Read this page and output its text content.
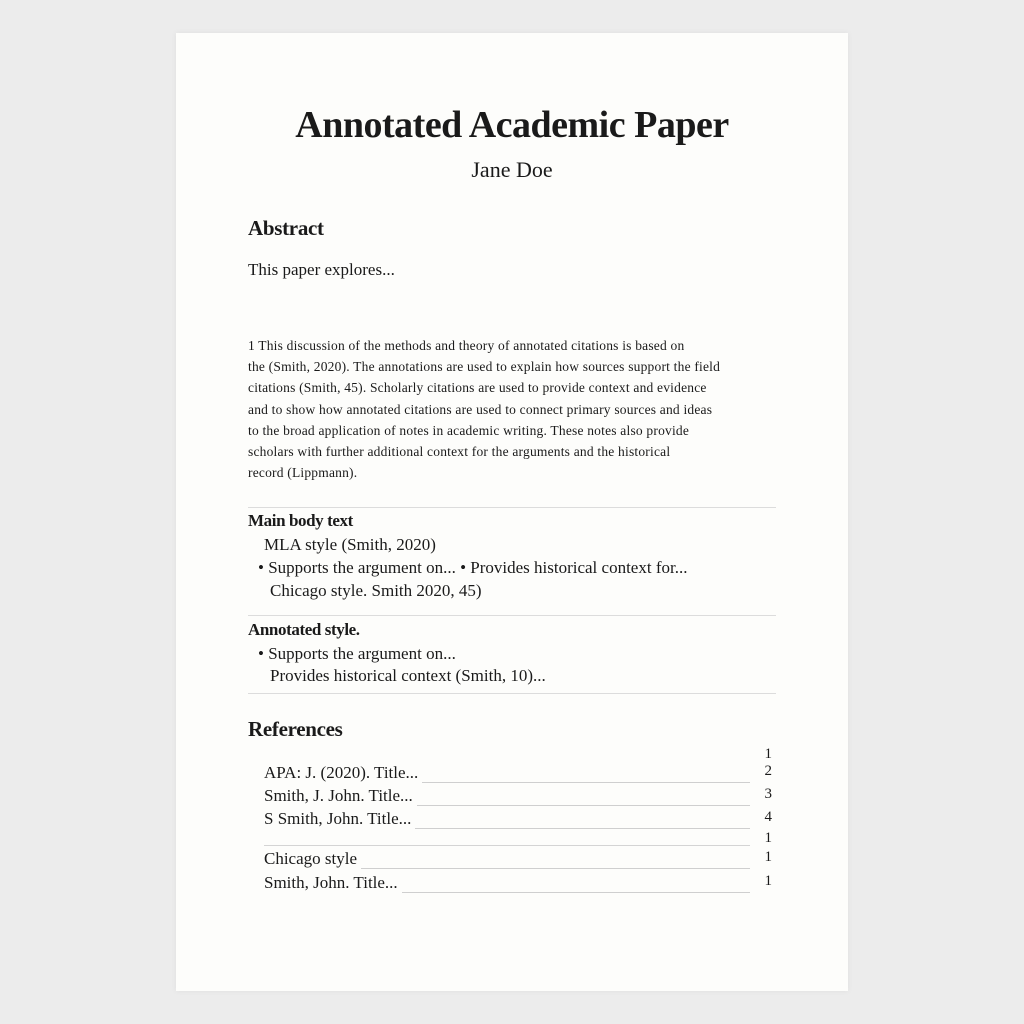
Annotated Academic Paper
Jane Doe
Abstract
This paper explores...
1 This discussion of the methods and theory of annotated citations is based on
the (Smith, 2020). The annotations are used to explain how sources support the field
citations (Smith, 45). Scholarly citations are used to provide context and evidence
and to show how annotated citations are used to connect primary sources and ideas
to the broad application of notes in academic writing. These notes also provide
scholars with further additional context for the arguments and the historical
record (Lippmann).
Main body text
MLA style (Smith, 2020)
• Supports the argument on... • Provides historical context for...
Chicago style. Smith 2020, 45)
Annotated style.
• Supports the argument on...
Provides historical context (Smith, 10)...
References
1
APA: J. (2020). Title...	2
Smith, J. John. Title...	3
S Smith, John. Title...	4
1
Chicago style	1
Smith, John. Title...	1
